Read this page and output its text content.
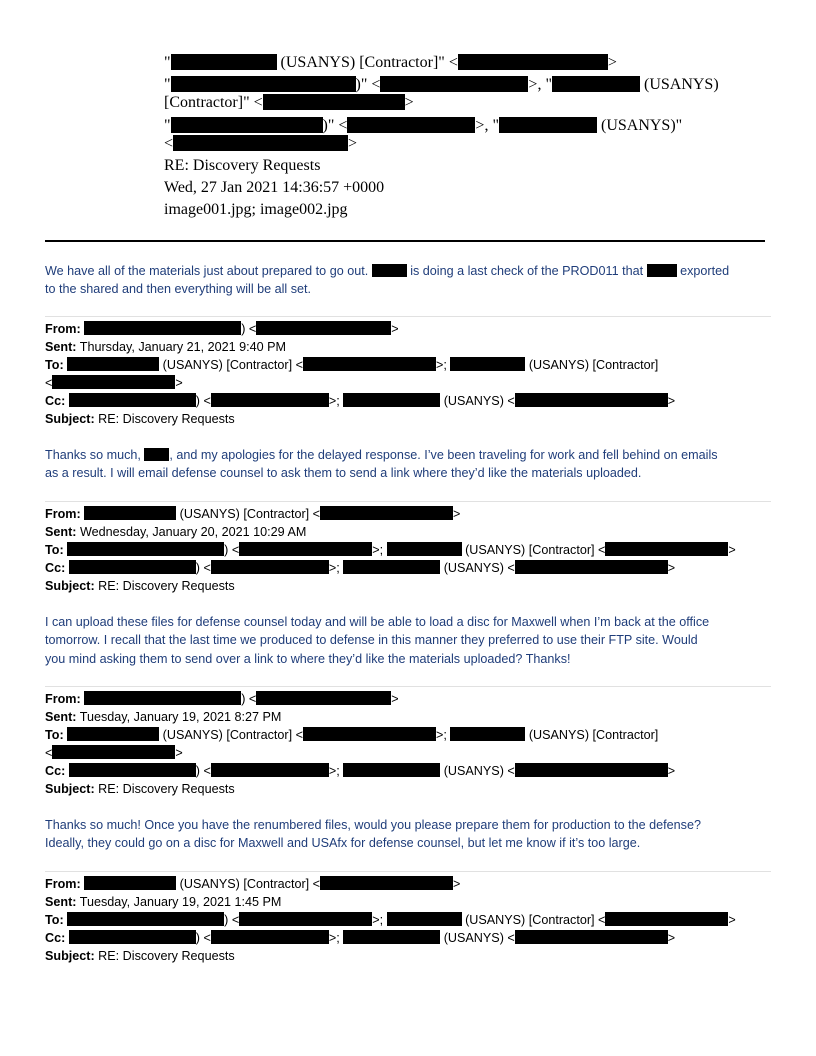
"	(USANYS) [Contractor]" <	>
"	)" <	>, "	(USANYS)
[Contractor]" <	>
"	)" <	>, "	(USANYS)"
<	>
RE: Discovery Requests
Wed, 27 Jan 2021 14:36:57 +0000
image001.jpg; image002.jpg
We have all of the materials just about prepared to go out.	is doing a last check of the PROD011 that  exported
to the shared and then everything will be all set.
From:	) <	>
Sent: Thursday, January 21, 2021 9:40 PM
To:	(USANYS) [Contractor] <	>;	(USANYS) [Contractor]
<	>
Cc:	) <	>;	(USANYS) <	>
Subject: RE: Discovery Requests
Thanks so much, , and my apologies for the delayed response. I’ve been traveling for work and fell behind on emails
as a result. I will email defense counsel to ask them to send a link where they’d like the materials uploaded.
From:	(USANYS) [Contractor] <	>
Sent: Wednesday, January 20, 2021 10:29 AM
To:	) <	>;	(USANYS) [Contractor] <	>
Cc:	) <	>;	(USANYS) <	>
Subject: RE: Discovery Requests
I can upload these files for defense counsel today and will be able to load a disc for Maxwell when I’m back at the office
tomorrow. I recall that the last time we produced to defense in this manner they preferred to use their FTP site. Would
you mind asking them to send over a link to where they’d like the materials uploaded? Thanks!
From:	) <	>
Sent: Tuesday, January 19, 2021 8:27 PM
To:	(USANYS) [Contractor] <	>;	(USANYS) [Contractor]
<	>
Cc:	) <	>;	(USANYS) <	>
Subject: RE: Discovery Requests
Thanks so much! Once you have the renumbered files, would you please prepare them for production to the defense?
Ideally, they could go on a disc for Maxwell and USAfx for defense counsel, but let me know if it’s too large.
From:	(USANYS) [Contractor] <	>
Sent: Tuesday, January 19, 2021 1:45 PM
To:	) <	>;	(USANYS) [Contractor] <	>
Cc:	) <	>;	(USANYS) <	>
Subject: RE: Discovery Requests
